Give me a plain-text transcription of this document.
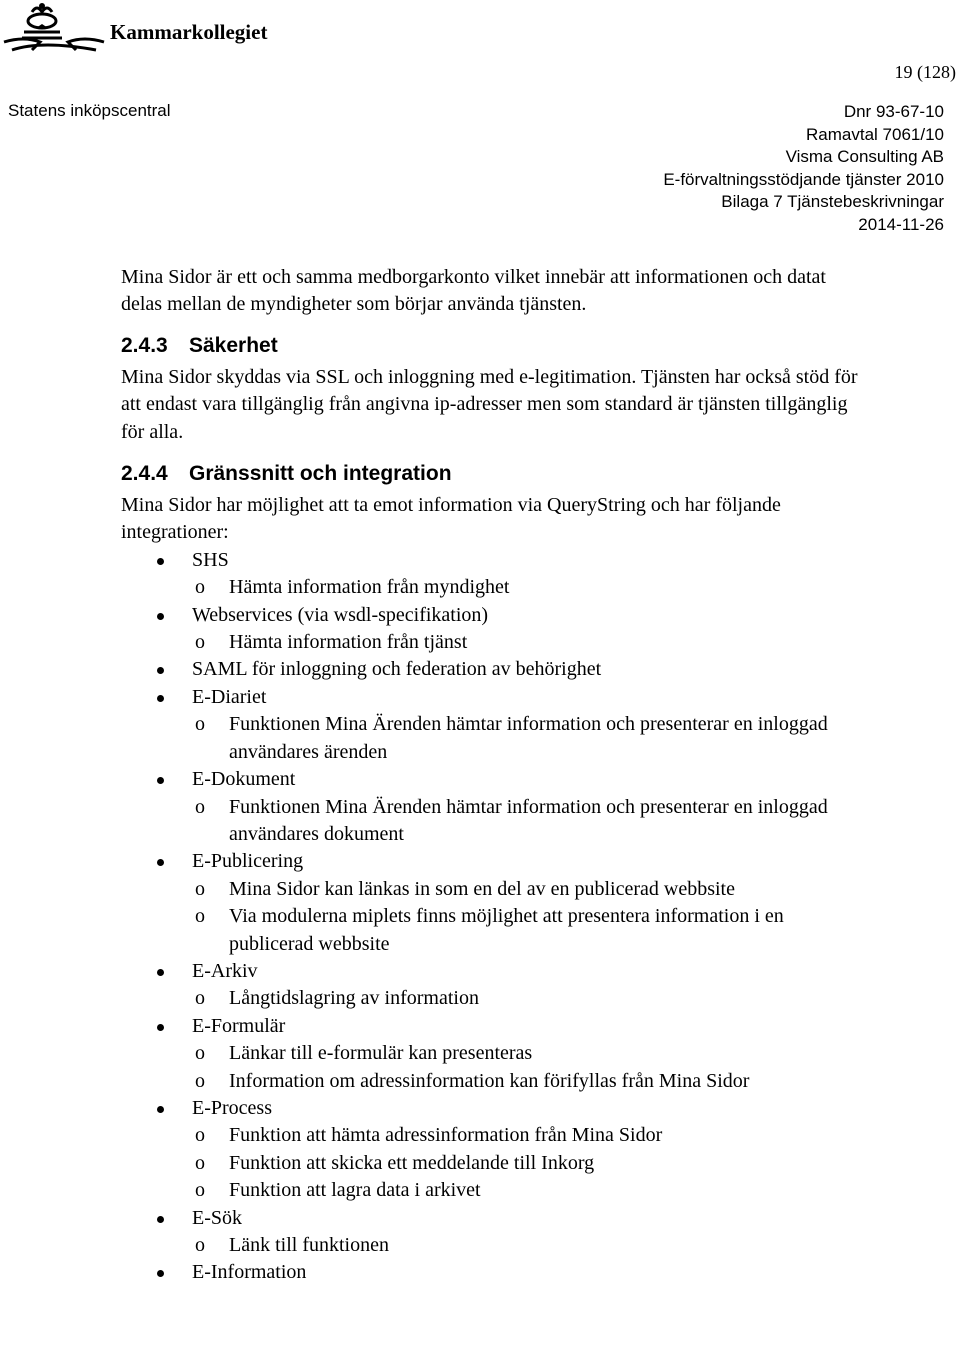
Kammarkollegiet
19 (128)
Statens inköpscentral	Dnr 93-67-10
Ramavtal 7061/10
Visma Consulting AB
E-förvaltningsstödjande tjänster 2010
Bilaga 7 Tjänstebeskrivningar
2014-11-26

Mina Sidor är ett och samma medborgarkonto vilket innebär att informationen och datat delas mellan de myndigheter som börjar använda tjänsten.

2.4.3 Säkerhet

Mina Sidor skyddas via SSL och inloggning med e-legitimation. Tjänsten har också stöd för att endast vara tillgänglig från angivna ip-adresser men som standard är tjänsten tillgänglig för alla.

2.4.4 Gränssnitt och integration

Mina Sidor har möjlighet att ta emot information via QueryString och har följande integrationer:

SHS
o Hämta information från myndighet
Webservices (via wsdl-specifikation)
o Hämta information från tjänst
SAML för inloggning och federation av behörighet
E-Diariet
o Funktionen Mina Ärenden hämtar information och presenterar en inloggad användares ärenden
E-Dokument
o Funktionen Mina Ärenden hämtar information och presenterar en inloggad användares dokument
E-Publicering
o Mina Sidor kan länkas in som en del av en publicerad webbsite
o Via modulerna miplets finns möjlighet att presentera information i en publicerad webbsite
E-Arkiv
o Långtidslagring av information
E-Formulär
o Länkar till e-formulär kan presenteras
o Information om adressinformation kan förifyllas från Mina Sidor
E-Process
o Funktion att hämta adressinformation från Mina Sidor
o Funktion att skicka ett meddelande till Inkorg
o Funktion att lagra data i arkivet
E-Sök
o Länk till funktionen
E-Information
